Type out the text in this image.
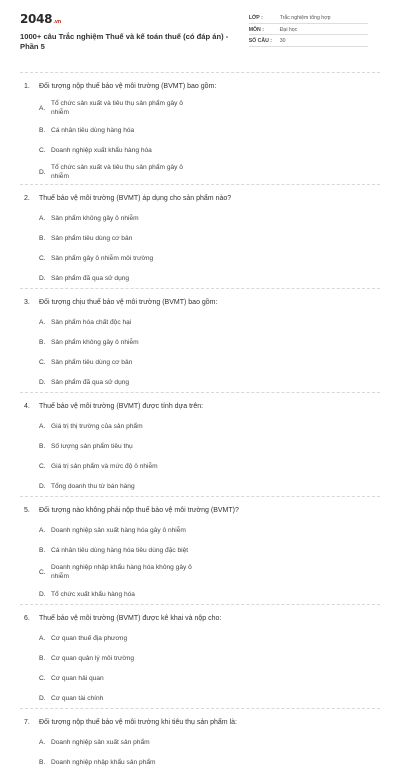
2048.vn
1000+ câu Trắc nghiệm Thuế và kế toán thuế (có đáp án) - Phần 5
LỚP :	Trắc nghiệm tổng hợp
MÔN :	Đại học
SỐ CÂU :	30
1.	Đối tượng nộp thuế bảo vệ môi trường (BVMT) bao gồm:
A.
Tổ chức sản xuất và tiêu thụ sản phẩm gây ô nhiễm
B. Cá nhân tiêu dùng hàng hóa
C. Doanh nghiệp xuất khẩu hàng hóa
D.
Tổ chức sản xuất và tiêu thụ sản phẩm gây ô nhiễm
2.	Thuế bảo vệ môi trường (BVMT) áp dụng cho sản phẩm nào?
A. Sản phẩm không gây ô nhiễm
B. Sản phẩm tiêu dùng cơ bản
C. Sản phẩm gây ô nhiễm môi trường
D. Sản phẩm đã qua sử dụng
3.	Đối tượng chịu thuế bảo vệ môi trường (BVMT) bao gồm:
A. Sản phẩm hóa chất độc hại
B. Sản phẩm không gây ô nhiễm
C. Sản phẩm tiêu dùng cơ bản
D. Sản phẩm đã qua sử dụng
4.	Thuế bảo vệ môi trường (BVMT) được tính dựa trên:
A. Giá trị thị trường của sản phẩm
B. Số lượng sản phẩm tiêu thụ
C. Giá trị sản phẩm và mức độ ô nhiễm
D. Tổng doanh thu từ bán hàng
5.	Đối tượng nào không phải nộp thuế bảo vệ môi trường (BVMT)?
A. Doanh nghiệp sản xuất hàng hóa gây ô nhiễm
B. Cá nhân tiêu dùng hàng hóa tiêu dùng đặc biệt
C.
Doanh nghiệp nhập khẩu hàng hóa không gây ô nhiễm
D. Tổ chức xuất khẩu hàng hóa
6.	Thuế bảo vệ môi trường (BVMT) được kê khai và nộp cho:
A. Cơ quan thuế địa phương
B. Cơ quan quản lý môi trường
C. Cơ quan hải quan
D. Cơ quan tài chính
7.	Đối tượng nộp thuế bảo vệ môi trường khi tiêu thụ sản phẩm là:
A. Doanh nghiệp sản xuất sản phẩm
B. Doanh nghiệp nhập khẩu sản phẩm
